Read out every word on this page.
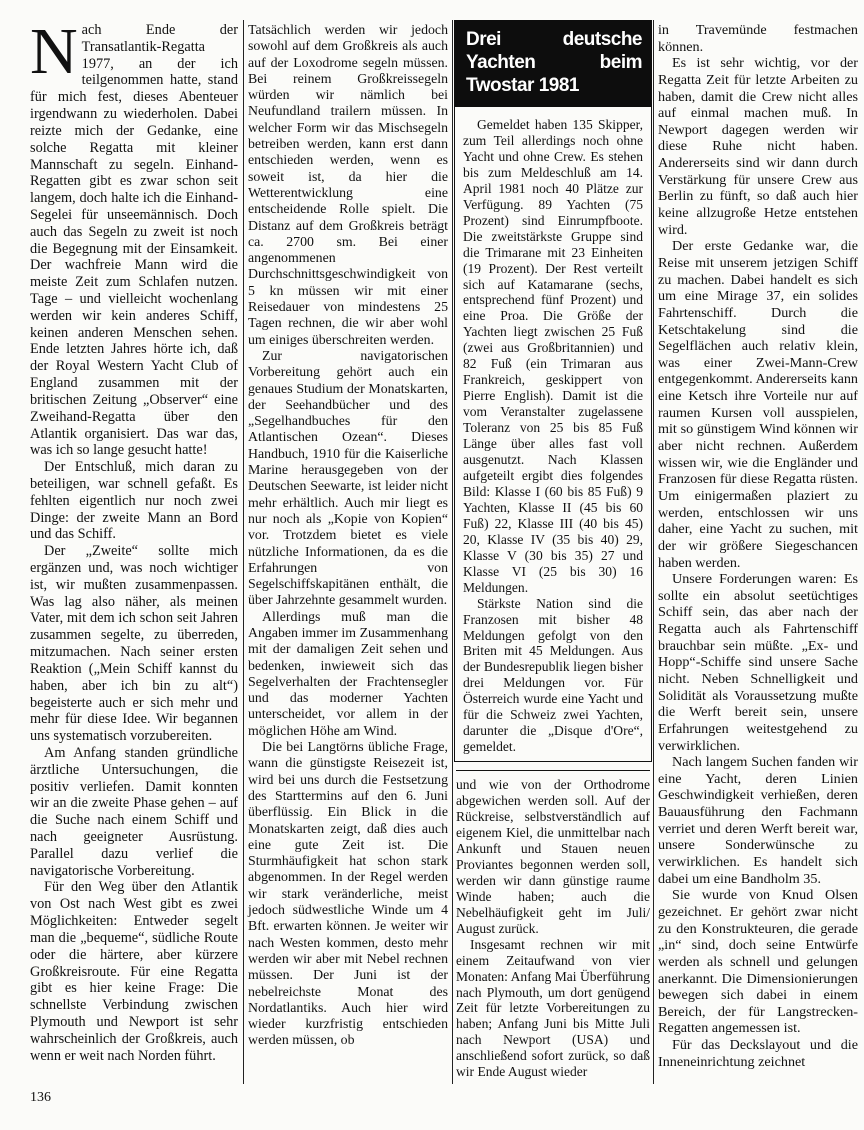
Nach Ende der Transatlantik-Regatta 1977, an der ich teilgenommen hatte, stand für mich fest, dieses Abenteuer irgendwann zu wiederholen. Dabei reizte mich der Gedanke, eine solche Regatta mit kleiner Mannschaft zu segeln. Einhand-Regatten gibt es zwar schon seit langem, doch halte ich die Einhand-Segelei für unseemännisch. Doch auch das Segeln zu zweit ist noch die Begegnung mit der Einsamkeit. Der wachfreie Mann wird die meiste Zeit zum Schlafen nutzen. Tage – und vielleicht wochenlang werden wir kein anderes Schiff, keinen anderen Menschen sehen. Ende letzten Jahres hörte ich, daß der Royal Western Yacht Club of England zusammen mit der britischen Zeitung „Observer“ eine Zweihand-Regatta über den Atlantik organisiert. Das war das, was ich so lange gesucht hatte!

Der Entschluß, mich daran zu beteiligen, war schnell gefaßt. Es fehlten eigentlich nur noch zwei Dinge: der zweite Mann an Bord und das Schiff.

Der „Zweite“ sollte mich ergänzen und, was noch wichtiger ist, wir mußten zusammenpassen. Was lag also näher, als meinen Vater, mit dem ich schon seit Jahren zusammen segelte, zu überreden, mitzumachen. Nach seiner ersten Reaktion („Mein Schiff kannst du haben, aber ich bin zu alt“) begeisterte auch er sich mehr und mehr für diese Idee. Wir begannen uns systematisch vorzubereiten.

Am Anfang standen gründliche ärztliche Untersuchungen, die positiv verliefen. Damit konnten wir an die zweite Phase gehen – auf die Suche nach einem Schiff und nach geeigneter Ausrüstung. Parallel dazu verlief die navigatorische Vorbereitung.

Für den Weg über den Atlantik von Ost nach West gibt es zwei Möglichkeiten: Entweder segelt man die „bequeme“, südliche Route oder die härtere, aber kürzere Großkreisroute. Für eine Regatta gibt es hier keine Frage: Die schnellste Verbindung zwischen Plymouth und Newport ist sehr wahrscheinlich der Großkreis, auch wenn er weit nach Norden führt.

Tatsächlich werden wir jedoch sowohl auf dem Großkreis als auch auf der Loxodrome segeln müssen. Bei reinem Großkreissegeln würden wir nämlich bei Neufundland trailern müssen. In welcher Form wir das Mischsegeln betreiben werden, kann erst dann entschieden werden, wenn es soweit ist, da hier die Wetterentwicklung eine entscheidende Rolle spielt. Die Distanz auf dem Großkreis beträgt ca. 2700 sm. Bei einer angenommenen Durchschnittsgeschwindigkeit von 5 kn müssen wir mit einer Reisedauer von mindestens 25 Tagen rechnen, die wir aber wohl um einiges überschreiten werden.

Zur navigatorischen Vorbereitung gehört auch ein genaues Studium der Monatskarten, der Seehandbücher und des „Segelhandbuches für den Atlantischen Ozean“. Dieses Handbuch, 1910 für die Kaiserliche Marine herausgegeben von der Deutschen Seewarte, ist leider nicht mehr erhältlich. Auch mir liegt es nur noch als „Kopie von Kopien“ vor. Trotzdem bietet es viele nützliche Informationen, da es die Erfahrungen von Segelschiffskapitänen enthält, die über Jahrzehnte gesammelt wurden.

Allerdings muß man die Angaben immer im Zusammenhang mit der damaligen Zeit sehen und bedenken, inwieweit sich das Segelverhalten der Frachtensegler und das moderner Yachten unterscheidet, vor allem in der möglichen Höhe am Wind.

Die bei Langtörns übliche Frage, wann die günstigste Reisezeit ist, wird bei uns durch die Festsetzung des Starttermins auf den 6. Juni überflüssig. Ein Blick in die Monatskarten zeigt, daß dies auch eine gute Zeit ist. Die Sturmhäufigkeit hat schon stark abgenommen. In der Regel werden wir stark veränderliche, meist jedoch südwestliche Winde um 4 Bft. erwarten können. Je weiter wir nach Westen kommen, desto mehr werden wir aber mit Nebel rechnen müssen. Der Juni ist der nebelreichste Monat des Nordatlantiks. Auch hier wird wieder kurzfristig entschieden werden müssen, ob

Drei deutsche Yachten beim Twostar 1981

Gemeldet haben 135 Skipper, zum Teil allerdings noch ohne Yacht und ohne Crew. Es stehen bis zum Meldeschluß am 14. April 1981 noch 40 Plätze zur Verfügung. 89 Yachten (75 Prozent) sind Einrumpfboote. Die zweitstärkste Gruppe sind die Trimarane mit 23 Einheiten (19 Prozent). Der Rest verteilt sich auf Katamarane (sechs, entsprechend fünf Prozent) und eine Proa. Die Größe der Yachten liegt zwischen 25 Fuß (zwei aus Großbritannien) und 82 Fuß (ein Trimaran aus Frankreich, geskippert von Pierre English). Damit ist die vom Veranstalter zugelassene Toleranz von 25 bis 85 Fuß Länge über alles fast voll ausgenutzt. Nach Klassen aufgeteilt ergibt dies folgendes Bild: Klasse I (60 bis 85 Fuß) 9 Yachten, Klasse II (45 bis 60 Fuß) 22, Klasse III (40 bis 45) 20, Klasse IV (35 bis 40) 29, Klasse V (30 bis 35) 27 und Klasse VI (25 bis 30) 16 Meldungen.

Stärkste Nation sind die Franzosen mit bisher 48 Meldungen gefolgt von den Briten mit 45 Meldungen. Aus der Bundesrepublik liegen bisher drei Meldungen vor. Für Österreich wurde eine Yacht und für die Schweiz zwei Yachten, darunter die „Disque d'Ore“, gemeldet.

und wie von der Orthodrome abgewichen werden soll. Auf der Rückreise, selbstverständlich auf eigenem Kiel, die unmittelbar nach Ankunft und Stauen neuen Proviantes begonnen werden soll, werden wir dann günstige raume Winde haben; auch die Nebelhäufigkeit geht im Juli/ August zurück.

Insgesamt rechnen wir mit einem Zeitaufwand von vier Monaten: Anfang Mai Überführung nach Plymouth, um dort genügend Zeit für letzte Vorbereitungen zu haben; Anfang Juni bis Mitte Juli nach Newport (USA) und anschließend sofort zurück, so daß wir Ende August wieder

in Travemünde festmachen können.

Es ist sehr wichtig, vor der Regatta Zeit für letzte Arbeiten zu haben, damit die Crew nicht alles auf einmal machen muß. In Newport dagegen werden wir diese Ruhe nicht haben. Andererseits sind wir dann durch Verstärkung für unsere Crew aus Berlin zu fünft, so daß auch hier keine allzugroße Hetze entstehen wird.

Der erste Gedanke war, die Reise mit unserem jetzigen Schiff zu machen. Dabei handelt es sich um eine Mirage 37, ein solides Fahrtenschiff. Durch die Ketschtakelung sind die Segelflächen auch relativ klein, was einer Zwei-Mann-Crew entgegenkommt. Andererseits kann eine Ketsch ihre Vorteile nur auf raumen Kursen voll ausspielen, mit so günstigem Wind können wir aber nicht rechnen. Außerdem wissen wir, wie die Engländer und Franzosen für diese Regatta rüsten. Um einigermaßen plaziert zu werden, entschlossen wir uns daher, eine Yacht zu suchen, mit der wir größere Siegeschancen haben werden.

Unsere Forderungen waren: Es sollte ein absolut seetüchtiges Schiff sein, das aber nach der Regatta auch als Fahrtenschiff brauchbar sein müßte. „Ex- und Hopp“-Schiffe sind unsere Sache nicht. Neben Schnelligkeit und Solidität als Voraussetzung mußte die Werft bereit sein, unsere Erfahrungen weitestgehend zu verwirklichen.

Nach langem Suchen fanden wir eine Yacht, deren Linien Geschwindigkeit verhießen, deren Bauausführung den Fachmann verriet und deren Werft bereit war, unsere Sonderwünsche zu verwirklichen. Es handelt sich dabei um eine Bandholm 35.

Sie wurde von Knud Olsen gezeichnet. Er gehört zwar nicht zu den Konstrukteuren, die gerade „in“ sind, doch seine Entwürfe werden als schnell und gelungen anerkannt. Die Dimensionierungen bewegen sich dabei in einem Bereich, der für Langstrecken-Regatten angemessen ist.

Für das Deckslayout und die Inneneinrichtung zeichnet

136
